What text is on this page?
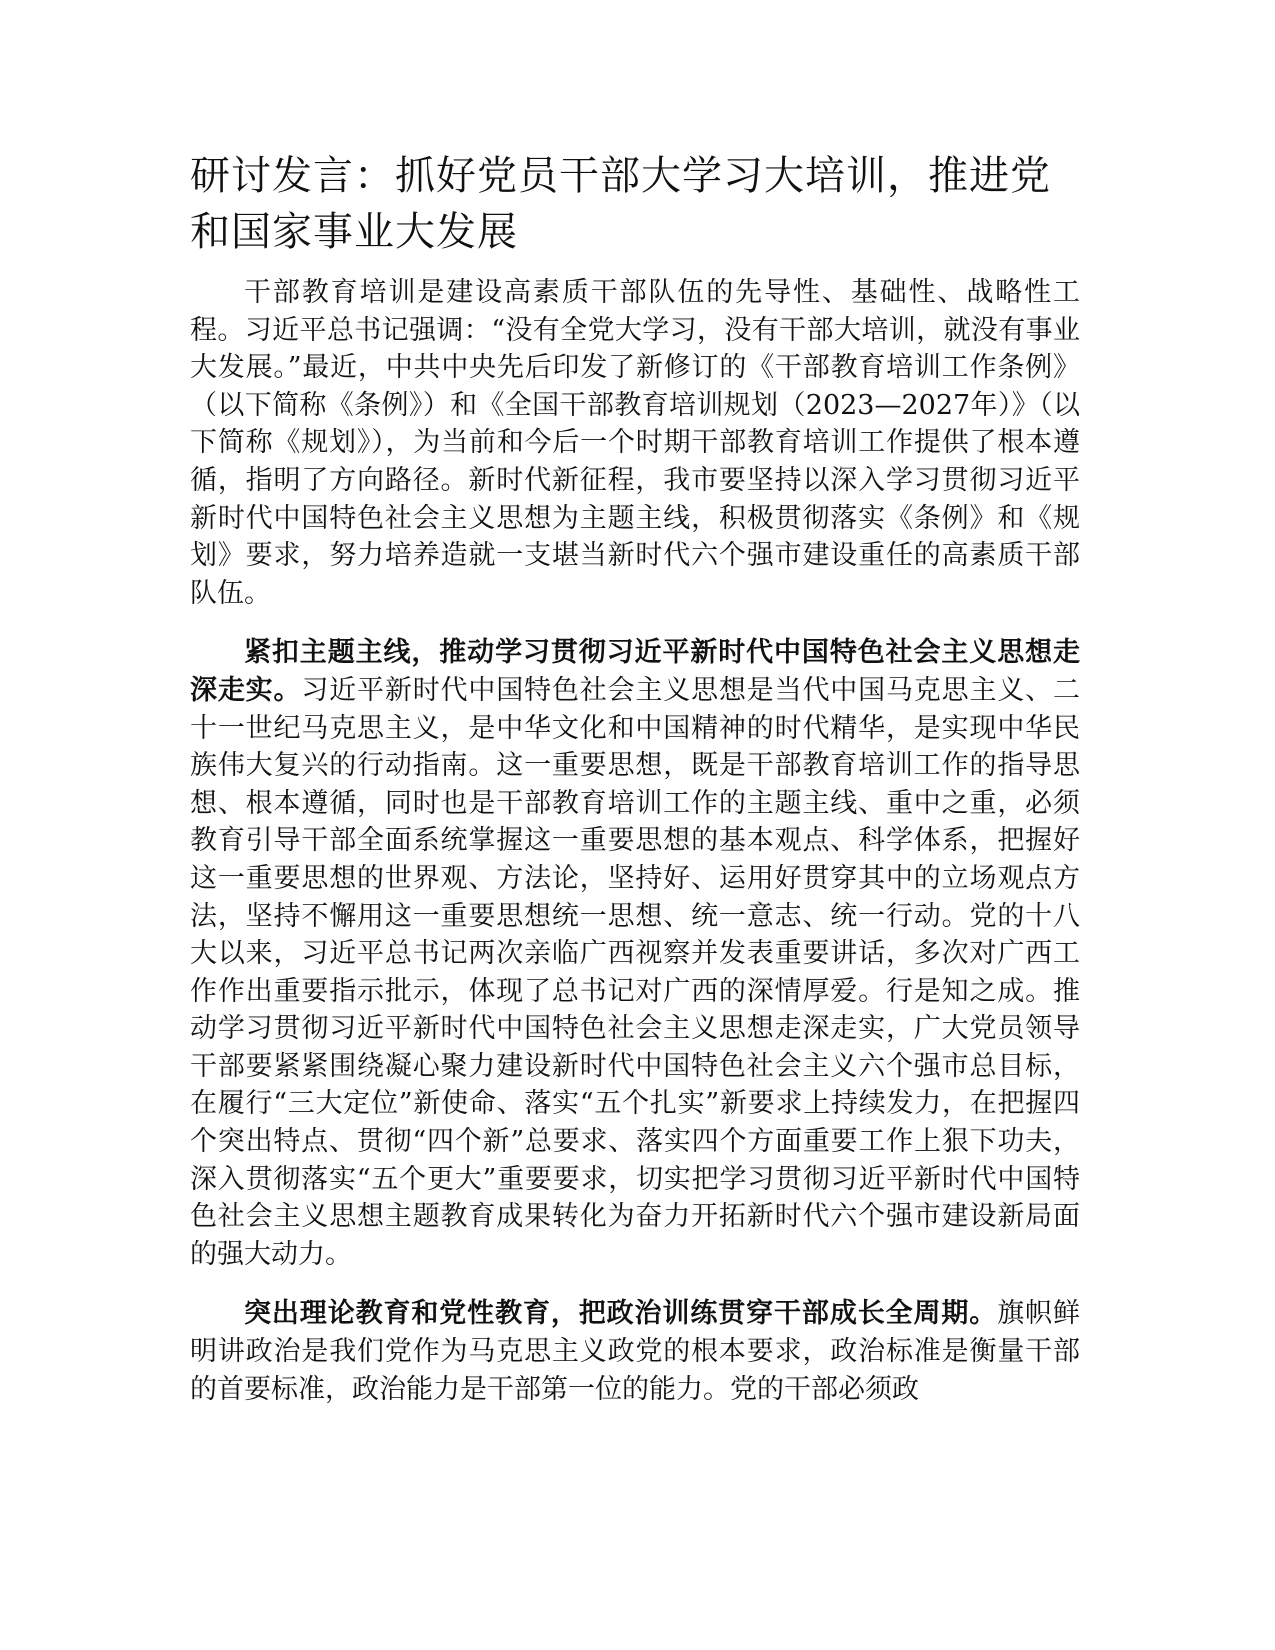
研讨发言：抓好党员干部大学习大培训，推进党和国家事业大发展

干部教育培训是建设高素质干部队伍的先导性、基础性、战略性工程。习近平总书记强调：“没有全党大学习，没有干部大培训，就没有事业大发展。”最近，中共中央先后印发了新修订的《干部教育培训工作条例》（以下简称《条例》）和《全国干部教育培训规划（2023—2027年）》（以下简称《规划》），为当前和今后一个时期干部教育培训工作提供了根本遵循，指明了方向路径。新时代新征程，我市要坚持以深入学习贯彻习近平新时代中国特色社会主义思想为主题主线，积极贯彻落实《条例》和《规划》要求，努力培养造就一支堪当新时代六个强市建设重任的高素质干部队伍。

紧扣主题主线，推动学习贯彻习近平新时代中国特色社会主义思想走深走实。习近平新时代中国特色社会主义思想是当代中国马克思主义、二十一世纪马克思主义，是中华文化和中国精神的时代精华，是实现中华民族伟大复兴的行动指南。这一重要思想，既是干部教育培训工作的指导思想、根本遵循，同时也是干部教育培训工作的主题主线、重中之重，必须教育引导干部全面系统掌握这一重要思想的基本观点、科学体系，把握好这一重要思想的世界观、方法论，坚持好、运用好贯穿其中的立场观点方法，坚持不懈用这一重要思想统一思想、统一意志、统一行动。党的十八大以来，习近平总书记两次亲临广西视察并发表重要讲话，多次对广西工作作出重要指示批示，体现了总书记对广西的深情厚爱。行是知之成。推动学习贯彻习近平新时代中国特色社会主义思想走深走实，广大党员领导干部要紧紧围绕凝心聚力建设新时代中国特色社会主义六个强市总目标，在履行“三大定位”新使命、落实“五个扎实”新要求上持续发力，在把握四个突出特点、贯彻“四个新”总要求、落实四个方面重要工作上狠下功夫，深入贯彻落实“五个更大”重要要求，切实把学习贯彻习近平新时代中国特色社会主义思想主题教育成果转化为奋力开拓新时代六个强市建设新局面的强大动力。

突出理论教育和党性教育，把政治训练贯穿干部成长全周期。旗帜鲜明讲政治是我们党作为马克思主义政党的根本要求，政治标准是衡量干部的首要标准，政治能力是干部第一位的能力。党的干部必须政
